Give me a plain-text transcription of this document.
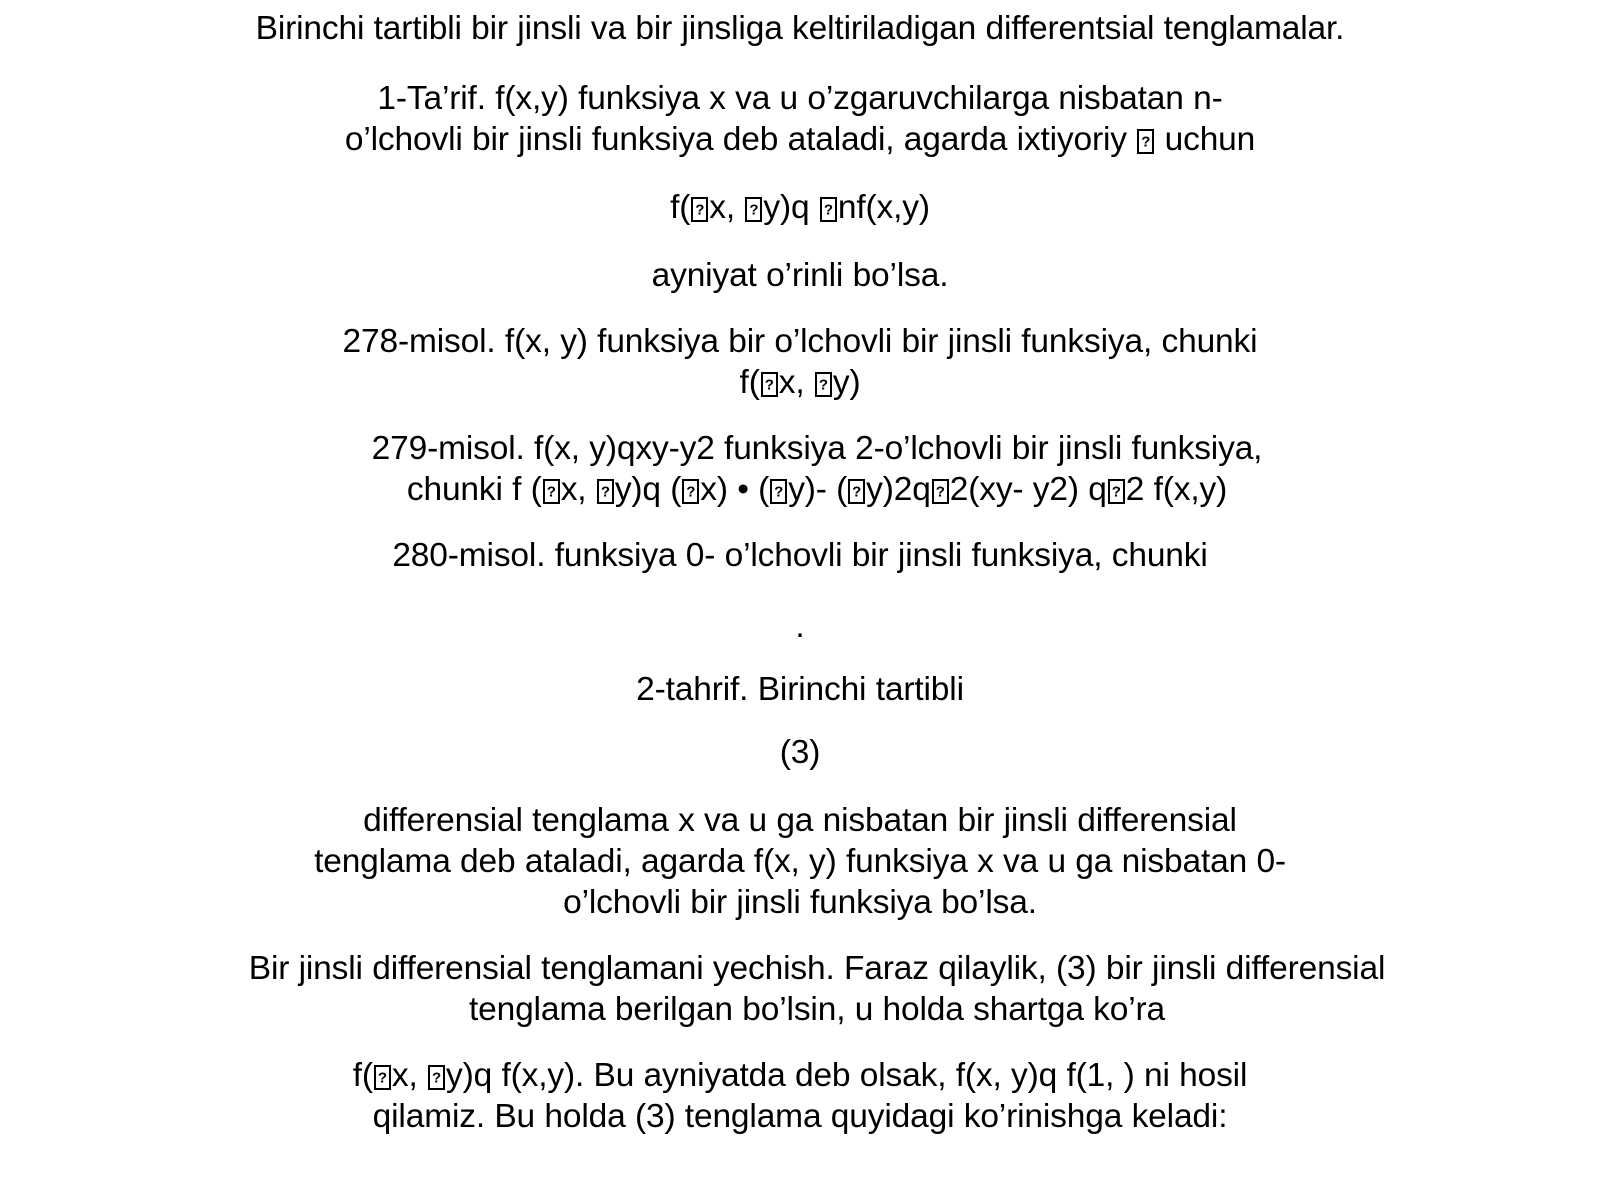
Birinchi tartibli bir jinsli va bir jinsliga keltiriladigan differentsial tenglamalar.

1-Ta’rif. f(x,y) funksiya x va u o’zgaruvchilarga nisbatan n-
o’lchovli bir jinsli funksiya deb ataladi, agarda ixtiyoriy ? uchun
f( ? x, ?y)q ?nf(x,y)

ayniyat o’rinli bo’lsa.

278-misol. f(x, y) funksiya bir o’lchovli bir jinsli funksiya, chunki
f( ? x, ?y)
279-misol. f(x, y)qxy-y2 funksiya 2-o’lchovli bir jinsli funksiya,
chunki f ( ? x, ?y)q ( ? x) • ( ? y)- ( ? y)2q ? 2(xy- y2) q ? 2 f(x,y)

280-misol. funksiya 0- o’lchovli bir jinsli funksiya, chunki

.

2-tahrif. Birinchi tartibli

(3)

differensial tenglama x va u ga nisbatan bir jinsli differensial tenglama deb ataladi, agarda f(x, y) funksiya x va u ga nisbatan 0- o’lchovli bir jinsli funksiya bo’lsa.

Bir jinsli differensial tenglamani yechish. Faraz qilaylik, (3) bir jinsli differensial tenglama berilgan bo’lsin, u holda shartga ko’ra

f( ? x, ?y)q f(x,y). Bu ayniyatda deb olsak, f(x, y)q f(1, ) ni hosil qilamiz. Bu holda (3) tenglama quyidagi ko’rinishga keladi:
